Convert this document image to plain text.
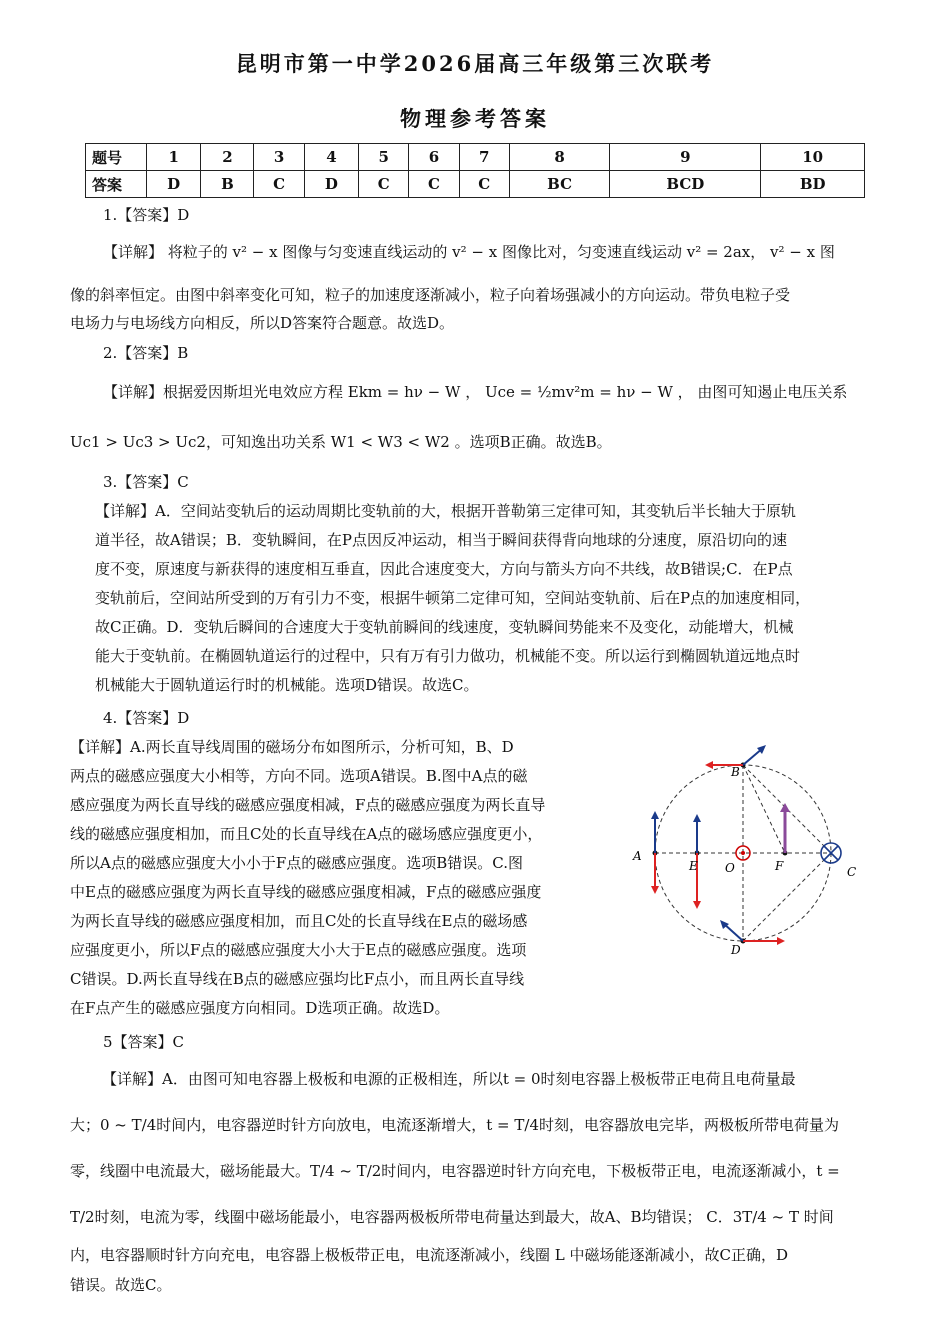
昆明市第一中学2026届高三年级第三次联考
物理参考答案
题号	1	2	3	4	5	6	7	8	9	10
答案	D	B	C	D	C	C	C	BC	BCD	BD
1.【答案】D
【详解】 将粒子的 v² − x 图像与匀变速直线运动的 v² − x 图像比对，匀变速直线运动 v² = 2ax， v² − x 图
像的斜率恒定。由图中斜率变化可知，粒子的加速度逐渐减小，粒子向着场强减小的方向运动。带负电粒子受
电场力与电场线方向相反，所以D答案符合题意。故选D。
2.【答案】B
【详解】根据爱因斯坦光电效应方程 Ekm = hν − W ， Uce = ½mv²m = hν − W ， 由图可知遏止电压关系
Uc1 > Uc3 > Uc2，可知逸出功关系 W1 < W3 < W2 。选项B正确。故选B。
3.【答案】C
【详解】A．空间站变轨后的运动周期比变轨前的大，根据开普勒第三定律可知，其变轨后半长轴大于原轨
道半径，故A错误；B．变轨瞬间，在P点因反冲运动，相当于瞬间获得背向地球的分速度，原沿切向的速
度不变，原速度与新获得的速度相互垂直，因此合速度变大，方向与箭头方向不共线，故B错误;C．在P点
变轨前后，空间站所受到的万有引力不变，根据牛顿第二定律可知，空间站变轨前、后在P点的加速度相同，
故C正确。D．变轨后瞬间的合速度大于变轨前瞬间的线速度，变轨瞬间势能来不及变化，动能增大，机械
能大于变轨前。在椭圆轨道运行的过程中，只有万有引力做功，机械能不变。所以运行到椭圆轨道远地点时
机械能大于圆轨道运行时的机械能。选项D错误。故选C。
4.【答案】D
【详解】A.两长直导线周围的磁场分布如图所示，分析可知，B、D
两点的磁感应强度大小相等，方向不同。选项A错误。B.图中A点的磁
感应强度为两长直导线的磁感应强度相减，F点的磁感应强度为两长直导
线的磁感应强度相加，而且C处的长直导线在A点的磁场感应强度更小，
所以A点的磁感应强度大小小于F点的磁感应强度。选项B错误。C.图
中E点的磁感应强度为两长直导线的磁感应强度相减，F点的磁感应强度
为两长直导线的磁感应强度相加，而且C处的长直导线在E点的磁场感
应强度更小，所以F点的磁感应强度大小大于E点的磁感应强度。选项
C错误。D.两长直导线在B点的磁感应强均比F点小，而且两长直导线
在F点产生的磁感应强度方向相同。D选项正确。故选D。
A
B
C
D
E	F
O
5【答案】C
【详解】A．由图可知电容器上极板和电源的正极相连，所以t = 0时刻电容器上极板带正电荷且电荷量最
大；0 ~ T/4时间内，电容器逆时针方向放电，电流逐渐增大，t = T/4时刻，电容器放电完毕，两极板所带电荷量为
零，线圈中电流最大，磁场能最大。T/4 ~ T/2时间内，电容器逆时针方向充电，下极板带正电，电流逐渐减小，t =
T/2时刻，电流为零，线圈中磁场能最小，电容器两极板所带电荷量达到最大，故A、B均错误； C．3T/4 ~ T 时间
内，电容器顺时针方向充电，电容器上极板带正电，电流逐渐减小，线圈 L 中磁场能逐渐减小，故C正确，D
错误。故选C。
